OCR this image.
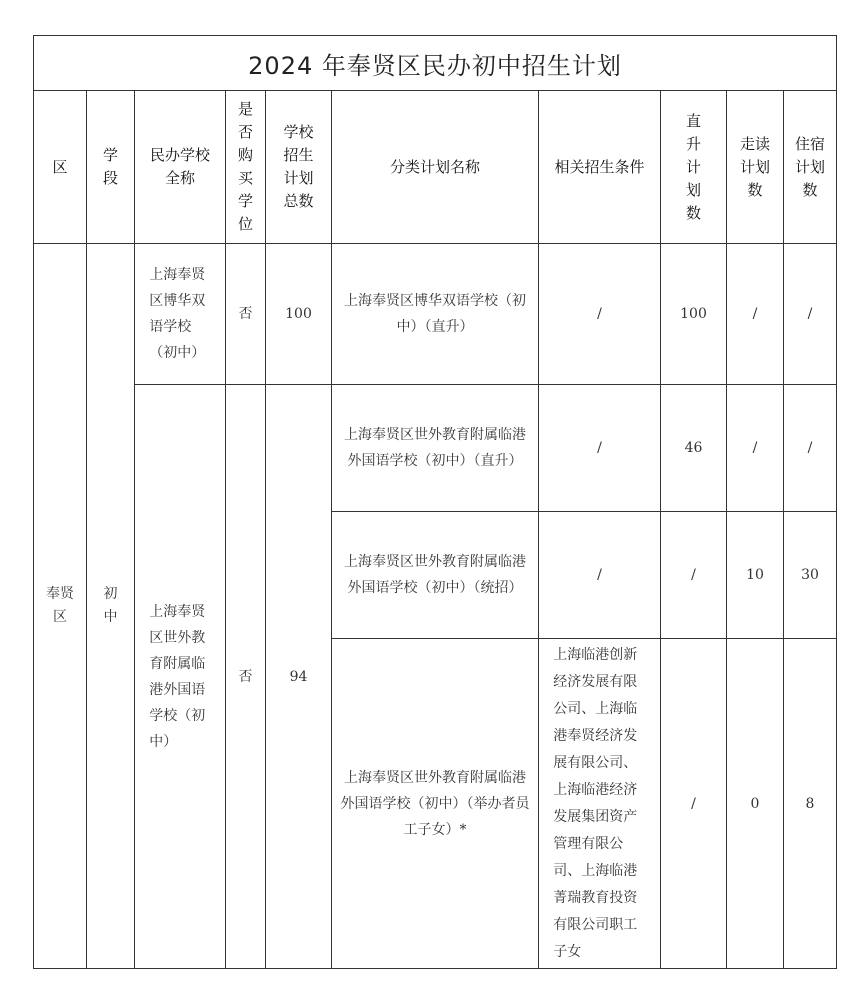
2024 年奉贤区民办初中招生计划									
区	学段	民办学校全称	是否购买学位	学校招生计划总数	分类计划名称	相关招生条件	直升计划数	走读计划数	住宿计划数
奉贤区	初中	上海奉贤区博华双语学校（初中）	否	100	上海奉贤区博华双语学校（初中）（直升）	/	100	/	/
		上海奉贤区世外教育附属临港外国语学校（初中）	否	94	上海奉贤区世外教育附属临港外国语学校（初中）（直升）	/	46	/	/
					上海奉贤区世外教育附属临港外国语学校（初中）（统招）	/	/	10	30
					上海奉贤区世外教育附属临港外国语学校（初中）（举办者员工子女）*	上海临港创新经济发展有限公司、上海临港奉贤经济发展有限公司、上海临港经济发展集团资产管理有限公司、上海临港菁瑞教育投资有限公司职工子女	/	0	8
